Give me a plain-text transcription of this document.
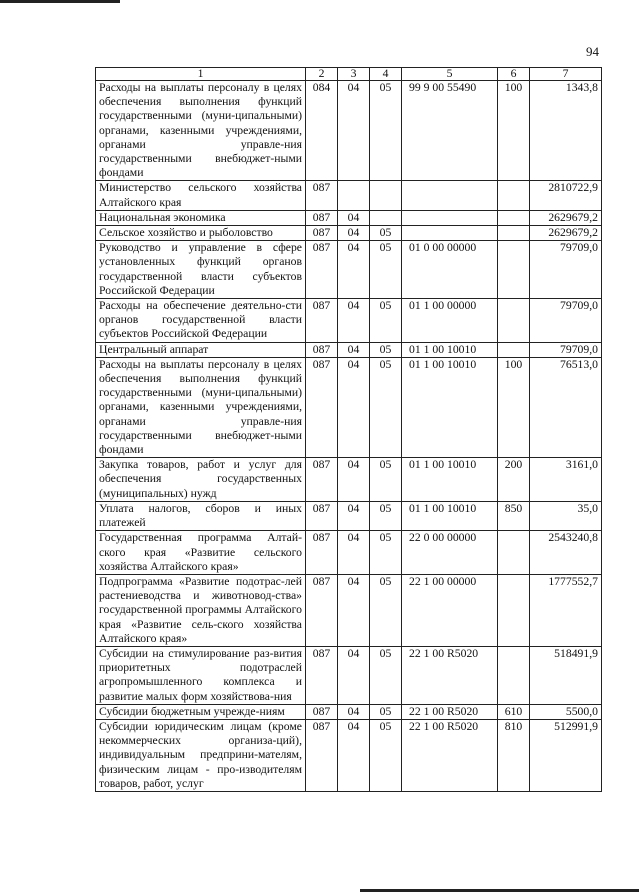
94
1	2	3	4	5	6	7
Расходы на выплаты персоналу в целях обеспечения выполнения функций государственными (муни-ципальными) органами, казенными учреждениями, органами управле-ния государственными внебюджет-ными фондами	084	04	05	99 9 00 55490	100	1343,8
Министерство сельского хозяйства Алтайского края	087					2810722,9
Национальная экономика	087	04				2629679,2
Сельское хозяйство и рыболовство	087	04	05			2629679,2
Руководство и управление в сфере установленных функций органов государственной власти субъектов Российской Федерации	087	04	05	01 0 00 00000		79709,0
Расходы на обеспечение деятельно-сти органов государственной власти субъектов Российской Федерации	087	04	05	01 1 00 00000		79709,0
Центральный аппарат	087	04	05	01 1 00 10010		79709,0
Расходы на выплаты персоналу в целях обеспечения выполнения функций государственными (муни-ципальными) органами, казенными учреждениями, органами управле-ния государственными внебюджет-ными фондами	087	04	05	01 1 00 10010	100	76513,0
Закупка товаров, работ и услуг для обеспечения государственных (муниципальных) нужд	087	04	05	01 1 00 10010	200	3161,0
Уплата налогов, сборов и иных платежей	087	04	05	01 1 00 10010	850	35,0
Государственная программа Алтай-ского края «Развитие сельского хозяйства Алтайского края»	087	04	05	22 0 00 00000		2543240,8
Подпрограмма «Развитие подотрас-лей растениеводства и животновод-ства» государственной программы Алтайского края «Развитие сель-ского хозяйства Алтайского края»	087	04	05	22 1 00 00000		1777552,7
Субсидии на стимулирование раз-вития приоритетных подотраслей агропромышленного комплекса и развитие малых форм хозяйствова-ния	087	04	05	22 1 00 R5020		518491,9
Субсидии бюджетным учрежде-ниям	087	04	05	22 1 00 R5020	610	5500,0
Субсидии юридическим лицам (кроме некоммерческих организа-ций), индивидуальным предприни-мателям, физическим лицам - про-изводителям товаров, работ, услуг	087	04	05	22 1 00 R5020	810	512991,9
